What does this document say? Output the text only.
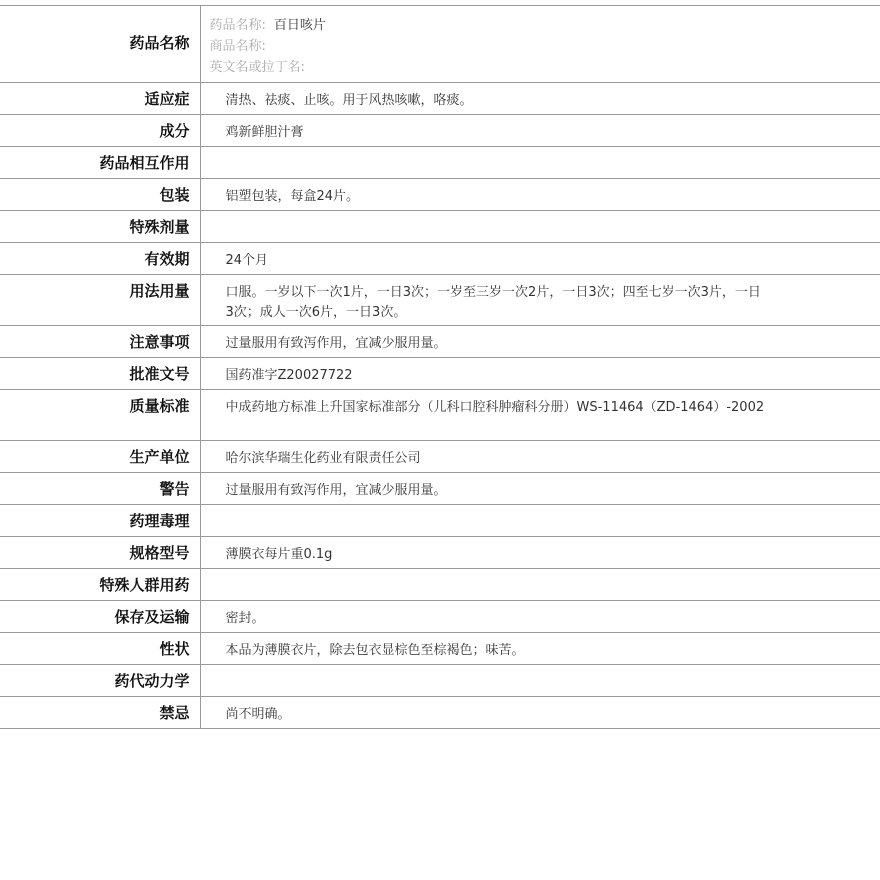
药品名称	药品名称: 百日咳片
商品名称:
英文名或拉丁名:

适应症	清热、祛痰、止咳。用于风热咳嗽，咯痰。

成分	鸡新鲜胆汁膏

药品相互作用	

包装	铝塑包装，每盒24片。

特殊剂量	

有效期	24个月

用法用量	口服。一岁以下一次1片，一日3次；一岁至三岁一次2片，一日3次；四至七岁一次3片，一日3次；成人一次6片，一日3次。

注意事项	过量服用有致泻作用，宜减少服用量。

批准文号	国药准字Z20027722

质量标准	中成药地方标准上升国家标准部分（儿科口腔科肿瘤科分册）WS-11464（ZD-1464）-2002

生产单位	哈尔滨华瑞生化药业有限责任公司

警告	过量服用有致泻作用，宜减少服用量。

药理毒理	

规格型号	薄膜衣每片重0.1g

特殊人群用药	

保存及运输	密封。

性状	本品为薄膜衣片，除去包衣显棕色至棕褐色；味苦。

药代动力学	

禁忌	尚不明确。
